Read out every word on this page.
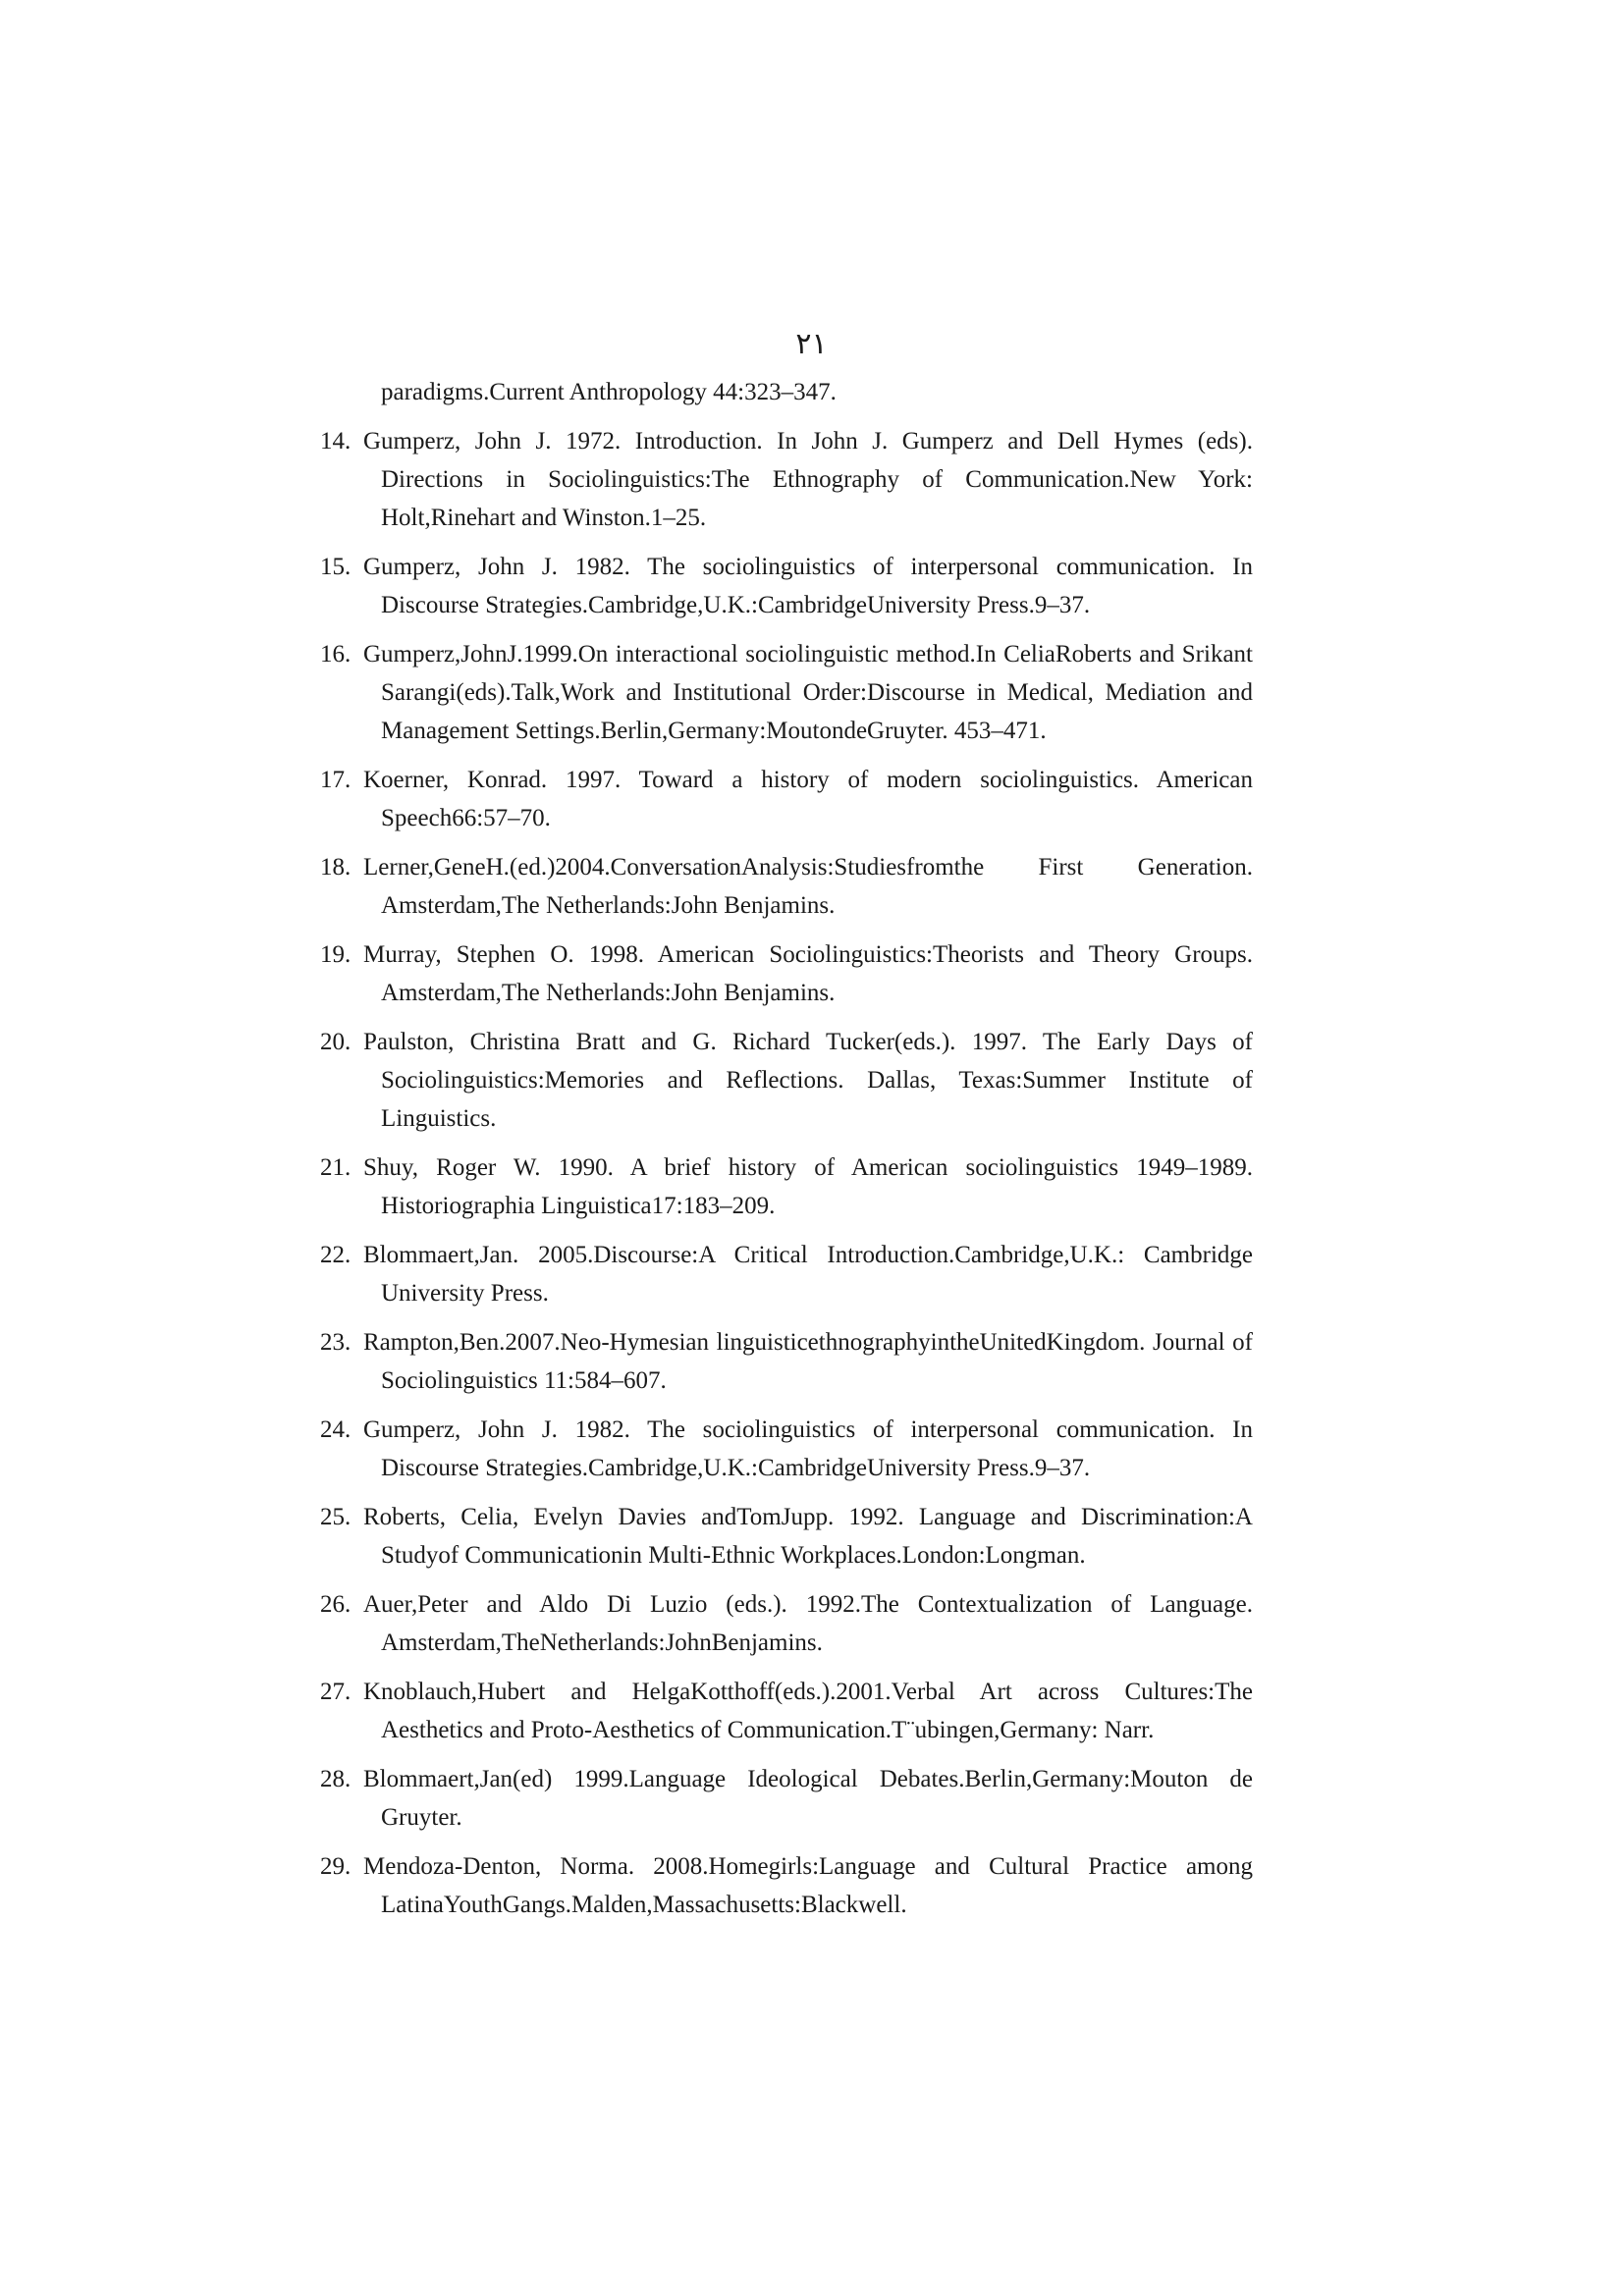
۲۱
paradigms.Current Anthropology 44:323–347.
14. Gumperz, John J. 1972. Introduction. In John J. Gumperz and Dell Hymes (eds). Directions in Sociolinguistics:The Ethnography of Communication.New York: Holt,Rinehart and Winston.1–25.
15. Gumperz, John J. 1982. The sociolinguistics of interpersonal communication. In Discourse Strategies.Cambridge,U.K.:CambridgeUniversity Press.9–37.
16. Gumperz,JohnJ.1999.On interactional sociolinguistic method.In CeliaRoberts and Srikant Sarangi(eds).Talk,Work and Institutional Order:Discourse in Medical, Mediation and Management Settings.Berlin,Germany:MoutondeGruyter. 453–471.
17. Koerner, Konrad. 1997. Toward a history of modern sociolinguistics. American Speech66:57–70.
18. Lerner,GeneH.(ed.)2004.ConversationAnalysis:Studiesfromthe First Generation. Amsterdam,The Netherlands:John Benjamins.
19. Murray, Stephen O. 1998. American Sociolinguistics:Theorists and Theory Groups. Amsterdam,The Netherlands:John Benjamins.
20. Paulston, Christina Bratt and G. Richard Tucker(eds.). 1997. The Early Days of Sociolinguistics:Memories and Reflections. Dallas, Texas:Summer Institute of Linguistics.
21. Shuy, Roger W. 1990. A brief history of American sociolinguistics 1949–1989. Historiographia Linguistica17:183–209.
22. Blommaert,Jan. 2005.Discourse:A Critical Introduction.Cambridge,U.K.: Cambridge University Press.
23. Rampton,Ben.2007.Neo-Hymesian linguisticethnographyintheUnitedKingdom. Journal of Sociolinguistics 11:584–607.
24. Gumperz, John J. 1982. The sociolinguistics of interpersonal communication. In Discourse Strategies.Cambridge,U.K.:CambridgeUniversity Press.9–37.
25. Roberts, Celia, Evelyn Davies andTomJupp. 1992. Language and Discrimination:A Studyof Communicationin Multi-Ethnic Workplaces.London:Longman.
26. Auer,Peter and Aldo Di Luzio (eds.). 1992.The Contextualization of Language. Amsterdam,TheNetherlands:JohnBenjamins.
27. Knoblauch,Hubert and HelgaKotthoff(eds.).2001.Verbal Art across Cultures:The Aesthetics and Proto-Aesthetics of Communication.T¨ubingen,Germany: Narr.
28. Blommaert,Jan(ed) 1999.Language Ideological Debates.Berlin,Germany:Mouton de Gruyter.
29. Mendoza-Denton, Norma. 2008.Homegirls:Language and Cultural Practice among LatinaYouthGangs.Malden,Massachusetts:Blackwell.
